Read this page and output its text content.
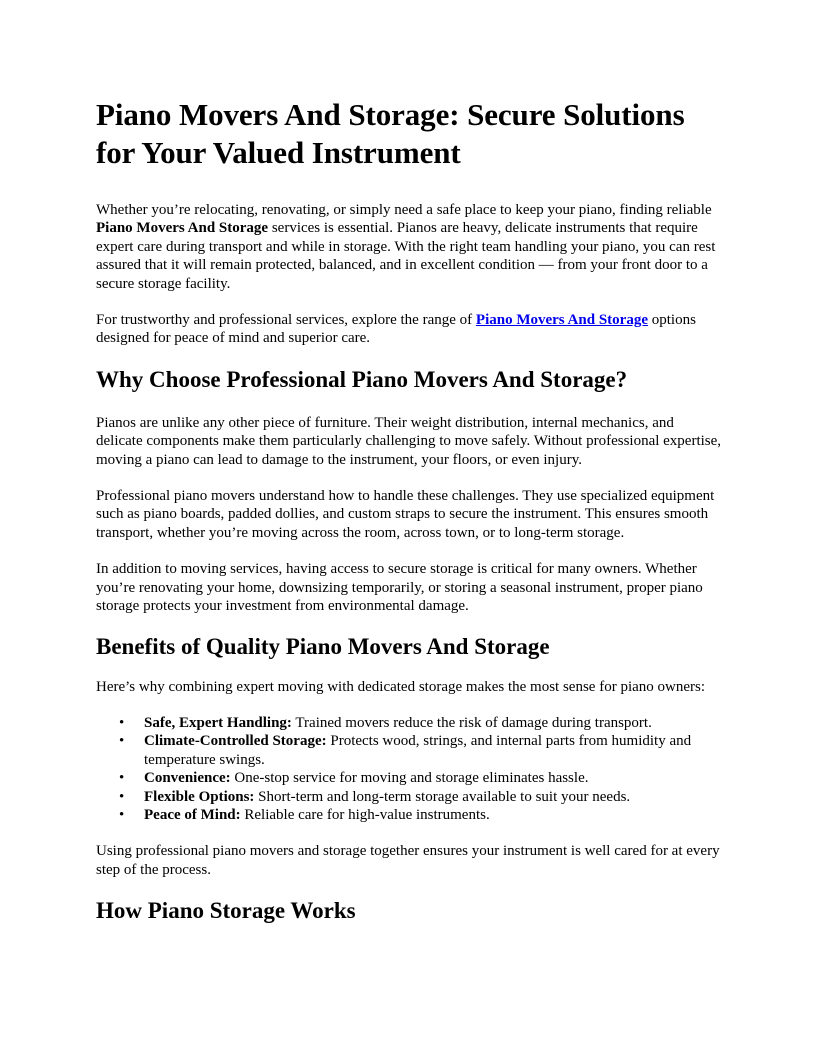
Piano Movers And Storage: Secure Solutions for Your Valued Instrument

Whether you’re relocating, renovating, or simply need a safe place to keep your piano, finding reliable Piano Movers And Storage services is essential. Pianos are heavy, delicate instruments that require expert care during transport and while in storage. With the right team handling your piano, you can rest assured that it will remain protected, balanced, and in excellent condition — from your front door to a secure storage facility.

For trustworthy and professional services, explore the range of Piano Movers And Storage options designed for peace of mind and superior care.

Why Choose Professional Piano Movers And Storage?

Pianos are unlike any other piece of furniture. Their weight distribution, internal mechanics, and delicate components make them particularly challenging to move safely. Without professional expertise, moving a piano can lead to damage to the instrument, your floors, or even injury.

Professional piano movers understand how to handle these challenges. They use specialized equipment such as piano boards, padded dollies, and custom straps to secure the instrument. This ensures smooth transport, whether you’re moving across the room, across town, or to long-term storage.

In addition to moving services, having access to secure storage is critical for many owners. Whether you’re renovating your home, downsizing temporarily, or storing a seasonal instrument, proper piano storage protects your investment from environmental damage.

Benefits of Quality Piano Movers And Storage

Here’s why combining expert moving with dedicated storage makes the most sense for piano owners:

• Safe, Expert Handling: Trained movers reduce the risk of damage during transport.
• Climate-Controlled Storage: Protects wood, strings, and internal parts from humidity and temperature swings.
• Convenience: One-stop service for moving and storage eliminates hassle.
• Flexible Options: Short-term and long-term storage available to suit your needs.
• Peace of Mind: Reliable care for high-value instruments.

Using professional piano movers and storage together ensures your instrument is well cared for at every step of the process.

How Piano Storage Works
